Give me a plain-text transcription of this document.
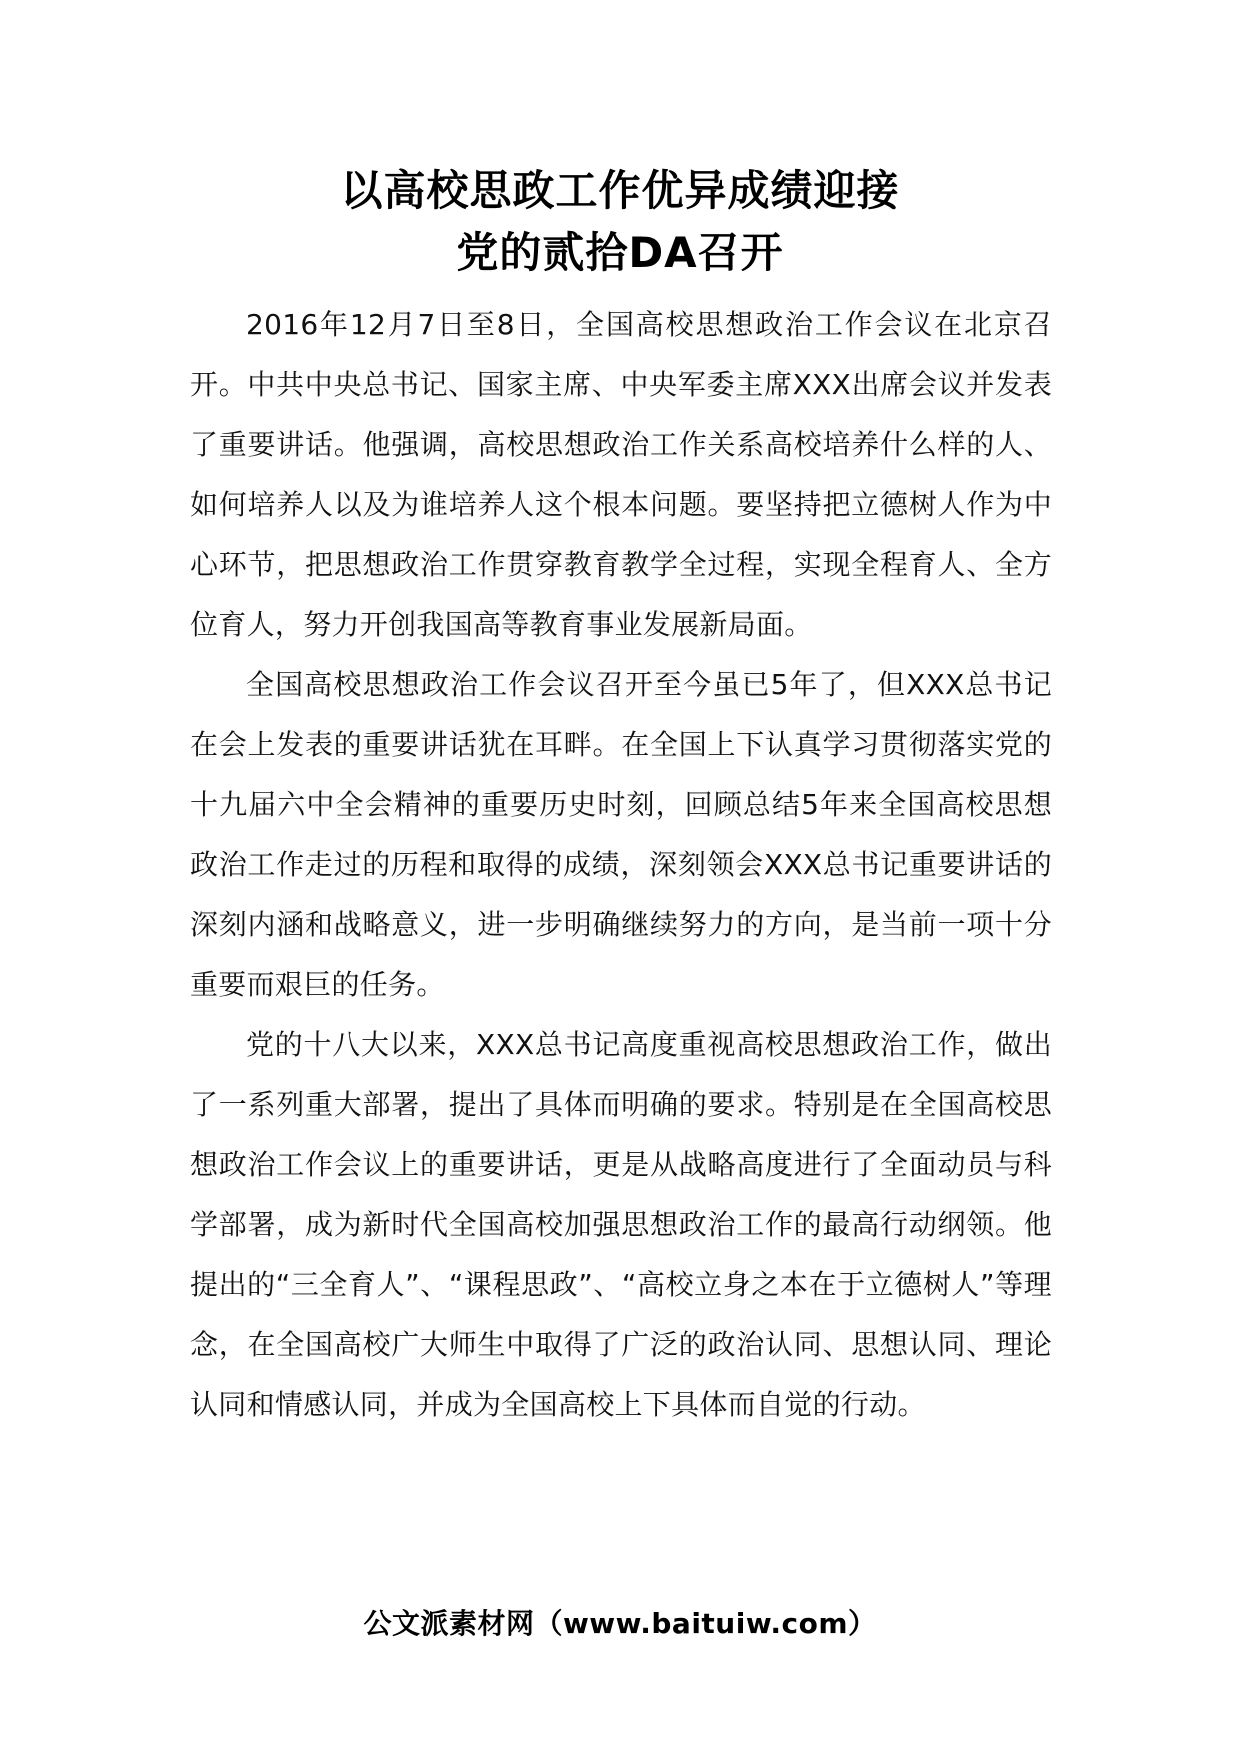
以高校思政工作优异成绩迎接
党的贰拾DA召开

2016年12月7日至8日，全国高校思想政治工作会议在北京召开。中共中央总书记、国家主席、中央军委主席XXX出席会议并发表了重要讲话。他强调，高校思想政治工作关系高校培养什么样的人、如何培养人以及为谁培养人这个根本问题。要坚持把立德树人作为中心环节，把思想政治工作贯穿教育教学全过程，实现全程育人、全方位育人，努力开创我国高等教育事业发展新局面。

全国高校思想政治工作会议召开至今虽已5年了，但XXX总书记在会上发表的重要讲话犹在耳畔。在全国上下认真学习贯彻落实党的十九届六中全会精神的重要历史时刻，回顾总结5年来全国高校思想政治工作走过的历程和取得的成绩，深刻领会XXX总书记重要讲话的深刻内涵和战略意义，进一步明确继续努力的方向，是当前一项十分重要而艰巨的任务。

党的十八大以来，XXX总书记高度重视高校思想政治工作，做出了一系列重大部署，提出了具体而明确的要求。特别是在全国高校思想政治工作会议上的重要讲话，更是从战略高度进行了全面动员与科学部署，成为新时代全国高校加强思想政治工作的最高行动纲领。他提出的“三全育人”、“课程思政”、“高校立身之本在于立德树人”等理念，在全国高校广大师生中取得了广泛的政治认同、思想认同、理论认同和情感认同，并成为全国高校上下具体而自觉的行动。

公文派素材网（www.baituiw.com）
